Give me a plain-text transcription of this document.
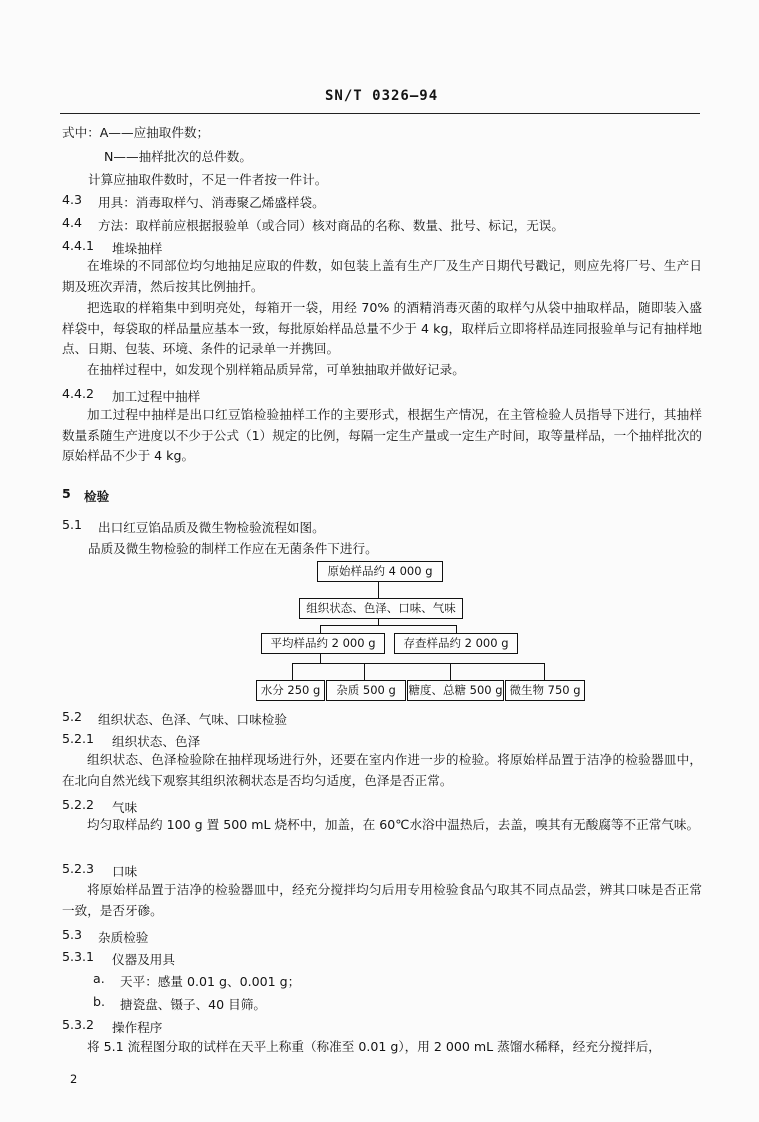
SN/T 0326—94
式中：A——应抽取件数；
N——抽样批次的总件数。
计算应抽取件数时，不足一件者按一件计。
4.3 用具：消毒取样勺、消毒聚乙烯盛样袋。
4.4 方法：取样前应根据报验单（或合同）核对商品的名称、数量、批号、标记，无误。
4.4.1 堆垛抽样
在堆垛的不同部位均匀地抽足应取的件数，如包装上盖有生产厂及生产日期代号戳记，则应先将厂号、生产日期及班次弄清，然后按其比例抽扦。
把选取的样箱集中到明亮处，每箱开一袋，用经 70% 的酒精消毒灭菌的取样勺从袋中抽取样品，随即装入盛样袋中，每袋取的样品量应基本一致，每批原始样品总量不少于 4 kg，取样后立即将样品连同报验单与记有抽样地点、日期、包装、环境、条件的记录单一并携回。
在抽样过程中，如发现个别样箱品质异常，可单独抽取并做好记录。
4.4.2 加工过程中抽样
加工过程中抽样是出口红豆馅检验抽样工作的主要形式，根据生产情况，在主管检验人员指导下进行，其抽样数量系随生产进度以不少于公式（1）规定的比例，每隔一定生产量或一定生产时间，取等量样品，一个抽样批次的原始样品不少于 4 kg。
5 检验
5.1 出口红豆馅品质及微生物检验流程如图。
品质及微生物检验的制样工作应在无菌条件下进行。
原始样品约 4 000 g
组织状态、色泽、口味、气味
平均样品约 2 000 g	存查样品约 2 000 g
水分 250 g	杂质 500 g	糖度、总糖 500 g 微生物 750 g
5.2 组织状态、色泽、气味、口味检验
5.2.1 组织状态、色泽
组织状态、色泽检验除在抽样现场进行外，还要在室内作进一步的检验。将原始样品置于洁净的检验器皿中，在北向自然光线下观察其组织浓稠状态是否均匀适度，色泽是否正常。
5.2.2 气味
均匀取样品约 100 g 置 500 mL 烧杯中，加盖，在 60℃水浴中温热后，去盖，嗅其有无酸腐等不正常气味。
5.2.3 口味
将原始样品置于洁净的检验器皿中，经充分搅拌均匀后用专用检验食品勺取其不同点品尝，辨其口味是否正常一致，是否牙碜。
5.3 杂质检验
5.3.1 仪器及用具
a. 天平：感量 0.01 g、0.001 g；
b. 搪瓷盘、镊子、40 目筛。
5.3.2 操作程序
将 5.1 流程图分取的试样在天平上称重（称准至 0.01 g），用 2 000 mL 蒸馏水稀释，经充分搅拌后，
2
